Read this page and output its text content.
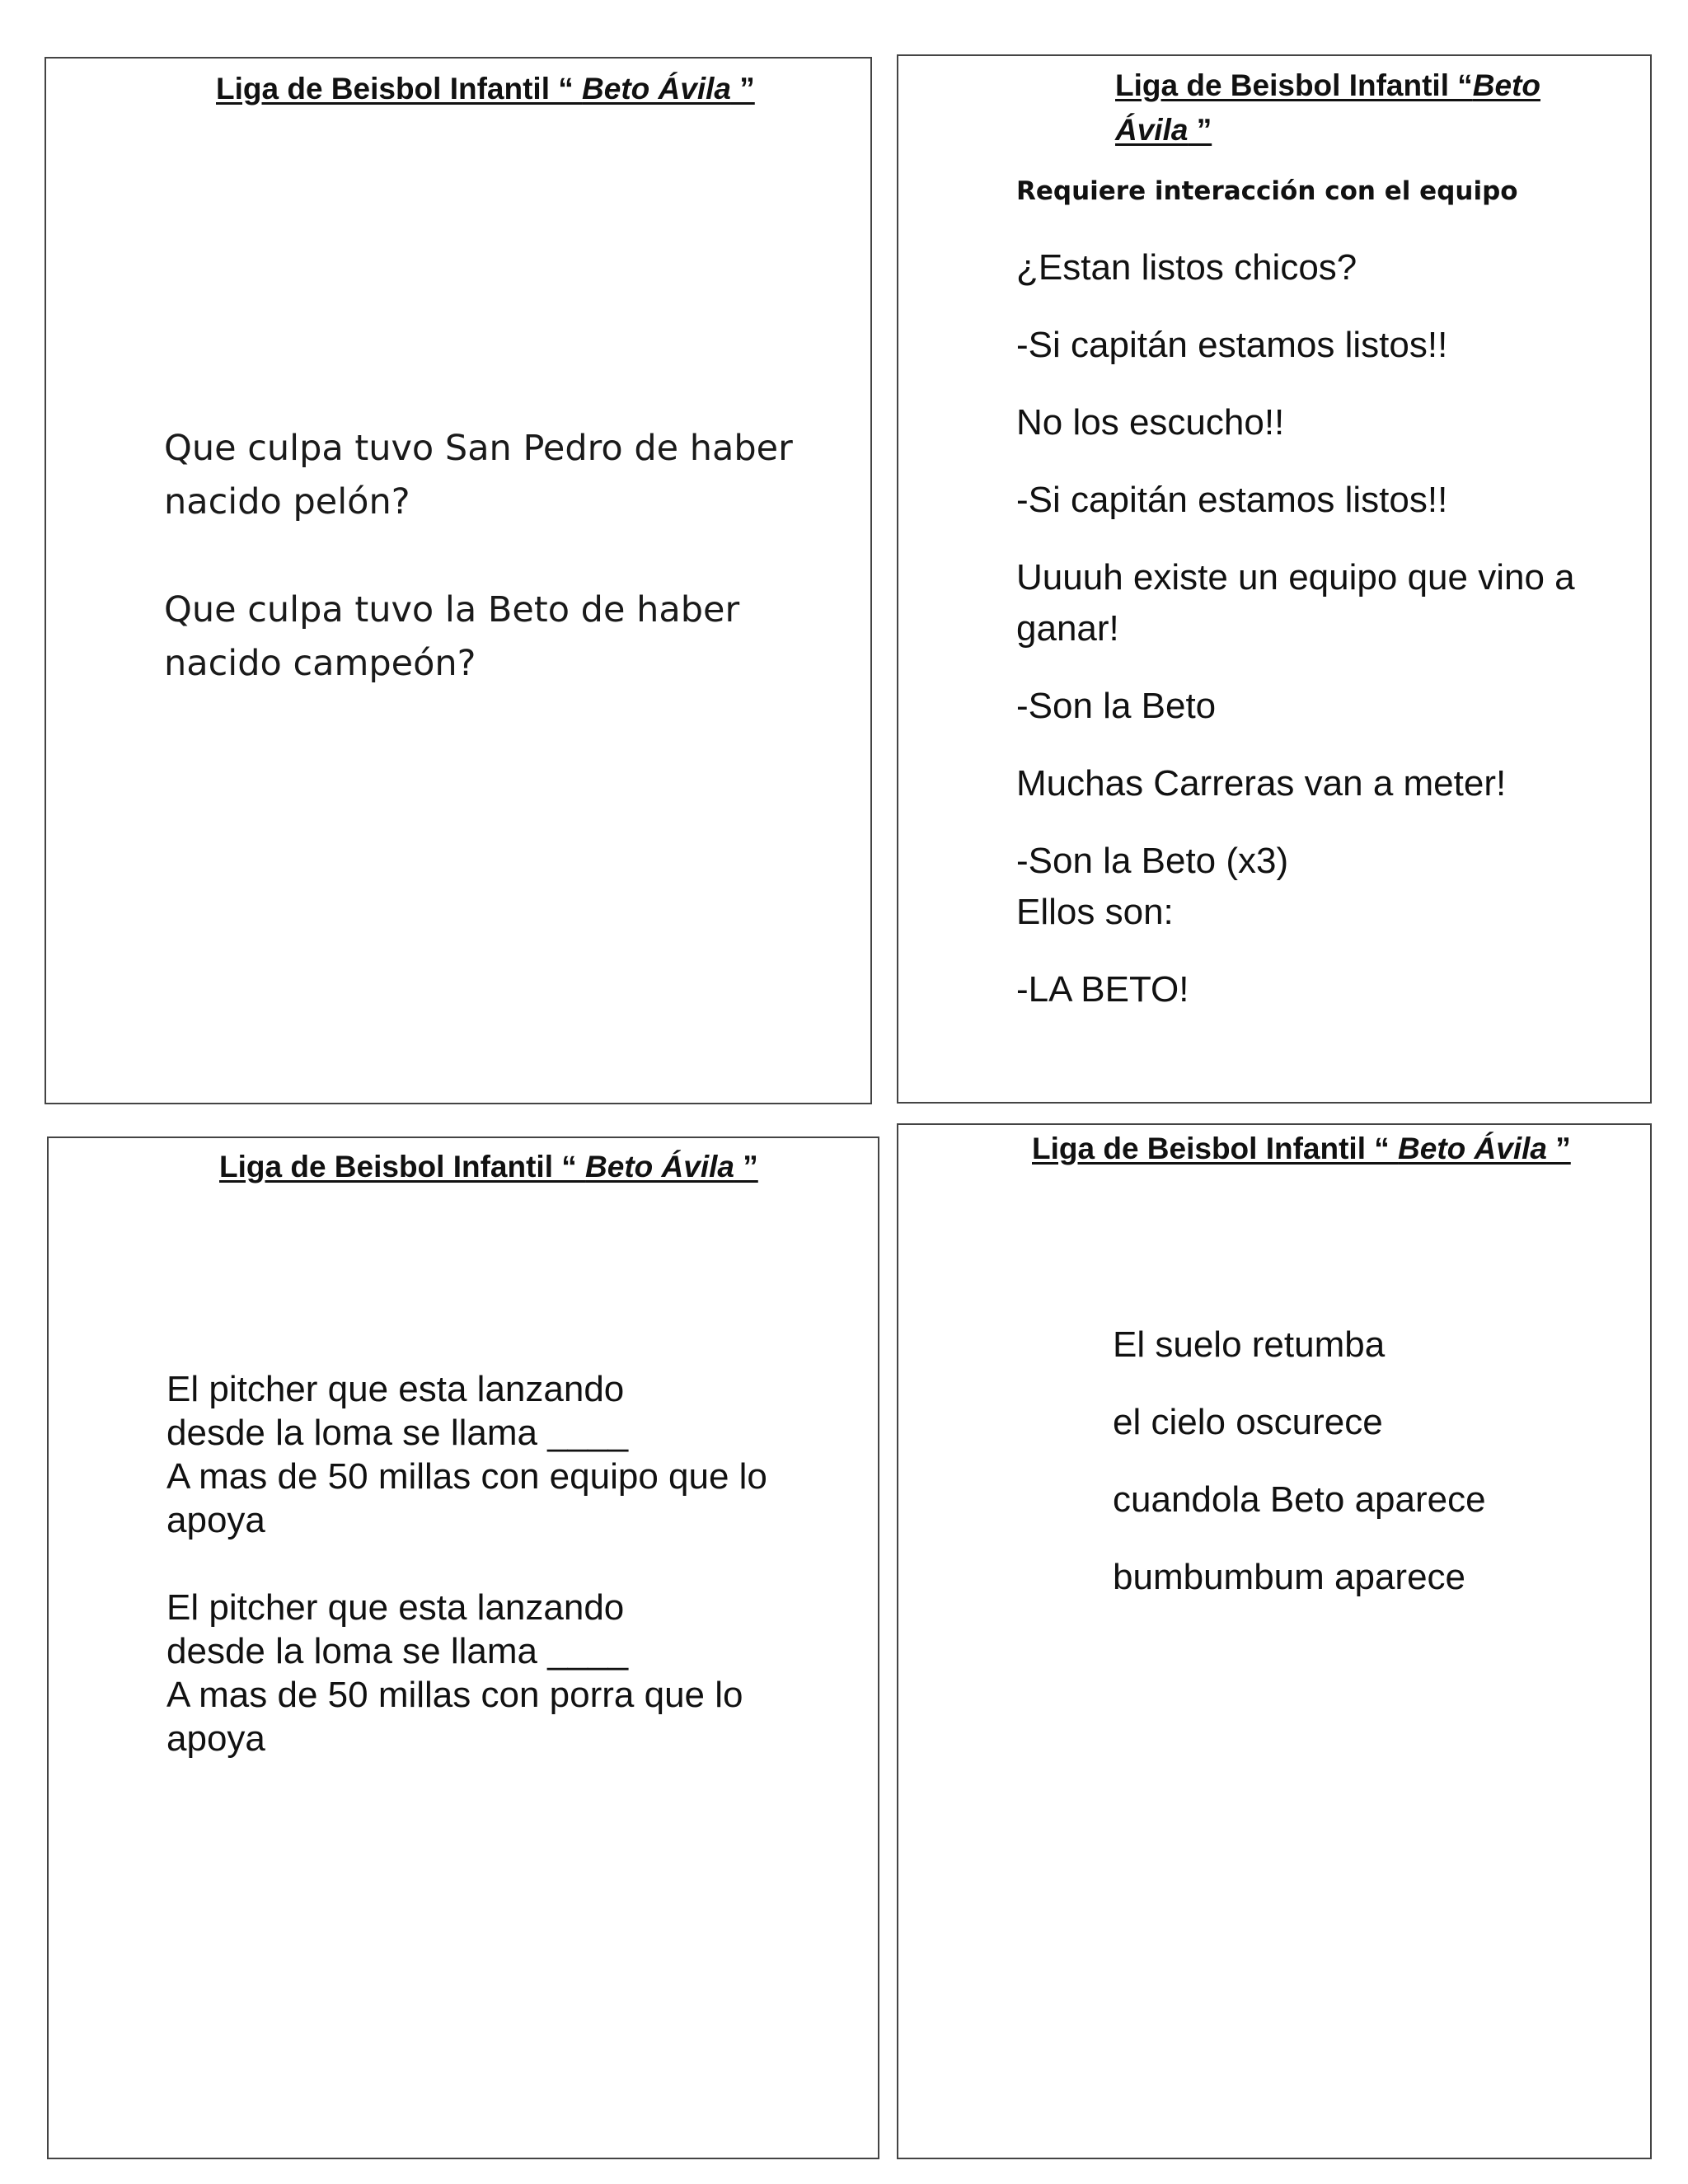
Liga de Beisbol Infantil “ Beto Ávila ”

Que culpa tuvo San Pedro de haber nacido pelón?

Que culpa tuvo la Beto de haber nacido campeón?

Liga de Beisbol Infantil “Beto Ávila ”

Requiere interacción con el equipo

¿Estan listos chicos?

-Si capitán estamos listos!!

No los escucho!!

-Si capitán estamos listos!!

Uuuuh existe un equipo que vino a ganar!

-Son la Beto

Muchas Carreras van a meter!

-Son la Beto (x3)
Ellos son:

-LA BETO!

Liga de Beisbol Infantil “ Beto Ávila ”

El pitcher que esta lanzando
desde la loma se llama ____
A mas de 50 millas con equipo que lo apoya

El pitcher que esta lanzando
desde la loma se llama ____
A mas de 50 millas con porra que lo apoya

Liga de Beisbol Infantil “ Beto Ávila ”

El suelo retumba

el cielo oscurece

cuandola Beto aparece

bumbumbum aparece
